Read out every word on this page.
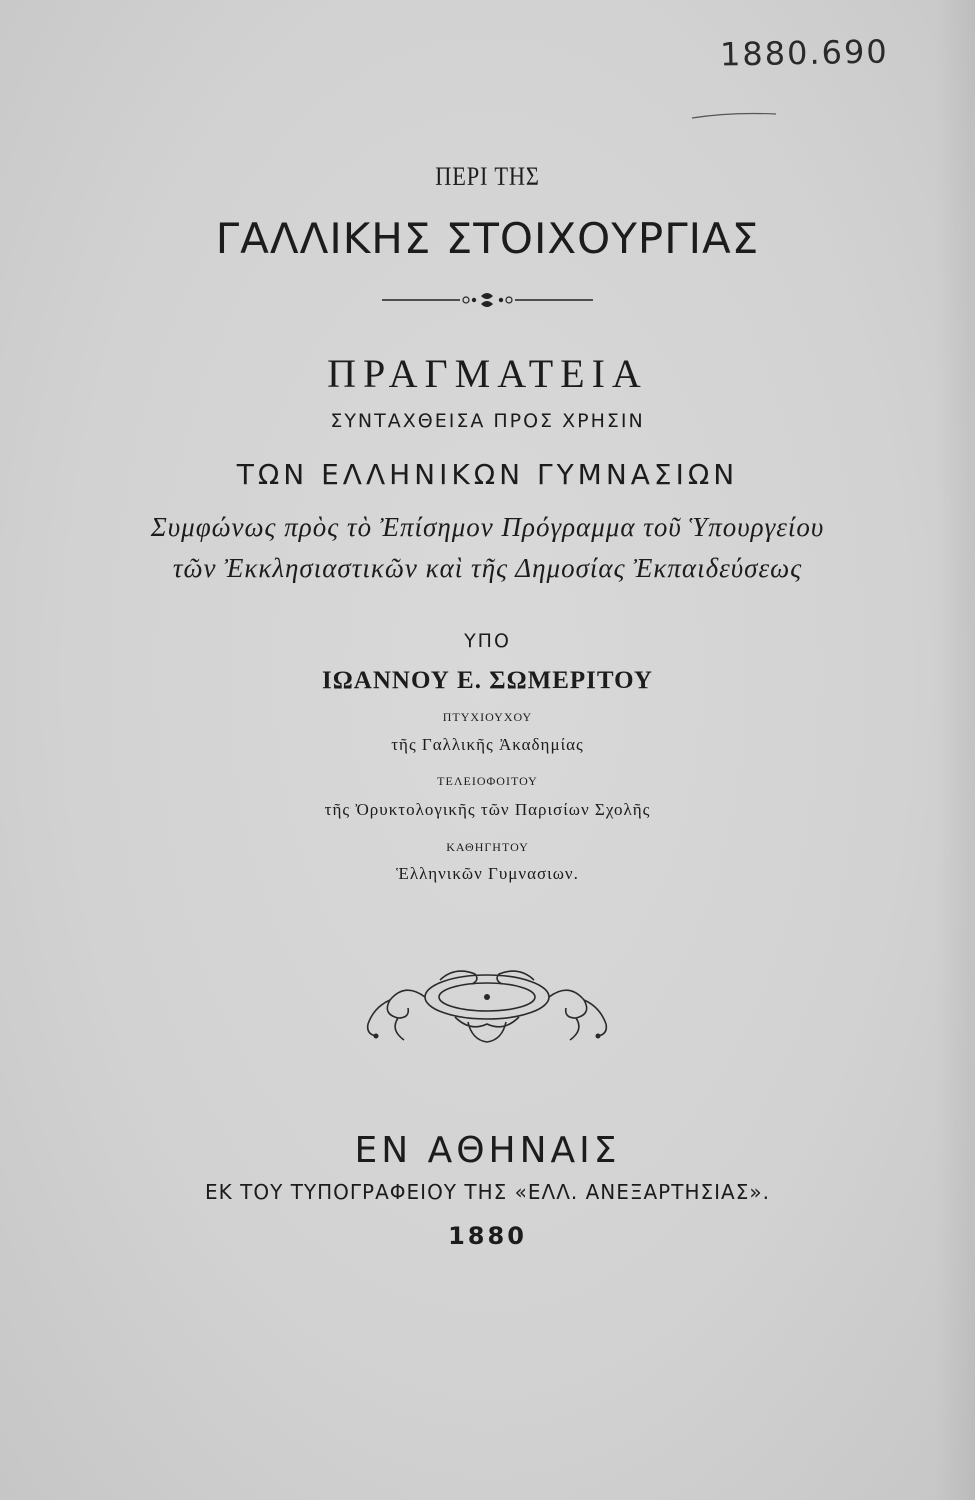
1880.690
ΠΕΡΙ ΤΗΣ
ΓΑΛΛΙΚΗΣ ΣΤΟΙΧΟΥΡΓΙΑΣ
ΠΡΑΓΜΑΤΕΙΑ
ΣΥΝΤΑΧΘΕΙΣΑ ΠΡΟΣ ΧΡΗΣΙΝ
ΤΩΝ ΕΛΛΗΝΙΚΩΝ ΓΥΜΝΑΣΙΩΝ
Συμφώνως πρὸς τὸ Ἐπίσημον Πρόγραμμα τοῦ Ὑπουργείου
τῶν Ἐκκλησιαστικῶν καὶ τῆς Δημοσίας Ἐκπαιδεύσεως
ΥΠΟ
ΙΩΑΝΝΟΥ Ε. ΣΩΜΕΡΙΤΟΥ
ΠΤΥΧΙΟΥΧΟΥ
τῆς Γαλλικῆς Ἀκαδημίας
ΤΕΛΕΙΟΦΟΙΤΟΥ
τῆς Ὀρυκτολογικῆς τῶν Παρισίων Σχολῆς
ΚΑΘΗΓΗΤΟΥ
Ἑλληνικῶν Γυμνασιων.
ΕΝ ΑΘΗΝΑΙΣ
ΕΚ ΤΟΥ ΤΥΠΟΓΡΑΦΕΙΟΥ ΤΗΣ «ΕΛΛ. ΑΝΕΞΑΡΤΗΣΙΑΣ».
1880
